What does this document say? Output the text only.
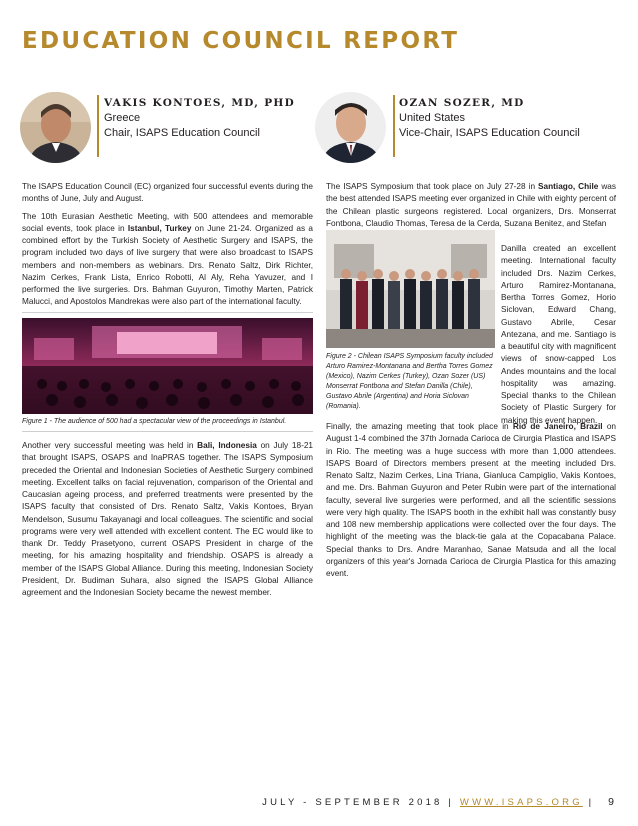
EDUCATION COUNCIL REPORT
VAKIS KONTOES, MD, PHD
Greece
Chair, ISAPS Education Council
OZAN SOZER, MD
United States
Vice-Chair, ISAPS Education Council

The ISAPS Education Council (EC) organized four successful events during the months of June, July and August.

The 10th Eurasian Aesthetic Meeting, with 500 attendees and memorable social events, took place in Istanbul, Turkey on June 21-24. Organized as a combined effort by the Turkish Society of Aesthetic Surgery and ISAPS, the program included two days of live surgery that were also broadcast to ISAPS members and non-members as webinars. Drs. Renato Saltz, Dirk Richter, Nazim Cerkes, Frank Lista, Enrico Robotti, Al Aly, Reha Yavuzer, and I performed the live surgeries. Drs. Bahman Guyuron, Timothy Marten, Patrick Malucci, and Apostolos Mandrekas were also part of the international faculty.

Figure 1 - The audience of 500 had a spectacular view of the proceedings in Istanbul.

Another very successful meeting was held in Bali, Indonesia on July 18-21 that brought ISAPS, OSAPS and InaPRAS together. The ISAPS Symposium preceded the Oriental and Indonesian Societies of Aesthetic Surgery combined meeting. Excellent talks on facial rejuvenation, comparison of the Oriental and Caucasian ageing process, and preferred treatments were presented by the ISAPS faculty that consisted of Drs. Renato Saltz, Vakis Kontoes, Bryan Mendelson, Susumu Takayanagi and local colleagues. The scientific and social programs were very well attended with excellent content. The EC would like to thank Dr. Teddy Prasetyono, current OSAPS President in charge of the meeting, for his amazing hospitality and friendship. OSAPS is already a member of the ISAPS Global Alliance. During this meeting, Indonesian Society President, Dr. Budiman Suhara, also signed the ISAPS Global Alliance agreement and the Indonesian Society became the newest member.

The ISAPS Symposium that took place on July 27-28 in Santiago, Chile was the best attended ISAPS meeting ever organized in Chile with eighty percent of the Chilean plastic surgeons registered. Local organizers, Drs. Monserrat Fontbona, Claudio Thomas, Teresa de la Cerda, Suzana Benitez, and Stefan

Figure 2 - Chilean ISAPS Symposium faculty included Arturo Ramirez-Montanana and Bertha Torres Gomez (Mexico), Nazim Cerkes (Turkey), Ozan Sozer (US) Monserrat Fontbona and Stefan Danilla (Chile), Gustavo Abrile (Argentina) and Horia Siclovan (Romania).

Danilla created an excellent meeting. International faculty included Drs. Nazim Cerkes, Arturo Ramirez-Montanana, Bertha Torres Gomez, Horio Siclovan, Edward Chang, Gustavo Abrile, Cesar Antezana, and me. Santiago is a beautiful city with magnificent views of snow-capped Los Andes mountains and the local hospitality was amazing. Special thanks to the Chilean Society of Plastic Surgery for making this event happen.

Finally, the amazing meeting that took place in Rio de Janeiro, Brazil on August 1-4 combined the 37th Jornada Carioca de Cirurgia Plastica and ISAPS in Rio. The meeting was a huge success with more than 1,000 attendees. ISAPS Board of Directors members present at the meeting included Drs. Renato Saltz, Nazim Cerkes, Lina Triana, Gianluca Campiglio, Vakis Kontoes, and me. Drs. Bahman Guyuron and Peter Rubin were part of the international faculty, several live surgeries were performed, and all the scientific sessions were very high quality. The ISAPS booth in the exhibit hall was constantly busy and 108 new membership applications were collected over the four days. The highlight of the meeting was the black-tie gala at the Copacabana Palace. Special thanks to Drs. Andre Maranhao, Sanae Matsuda and all the local organizers of this year's Jornada Carioca de Cirurgia Plastica for this amazing event.

JULY - SEPTEMBER 2018 | WWW.ISAPS.ORG | 9
